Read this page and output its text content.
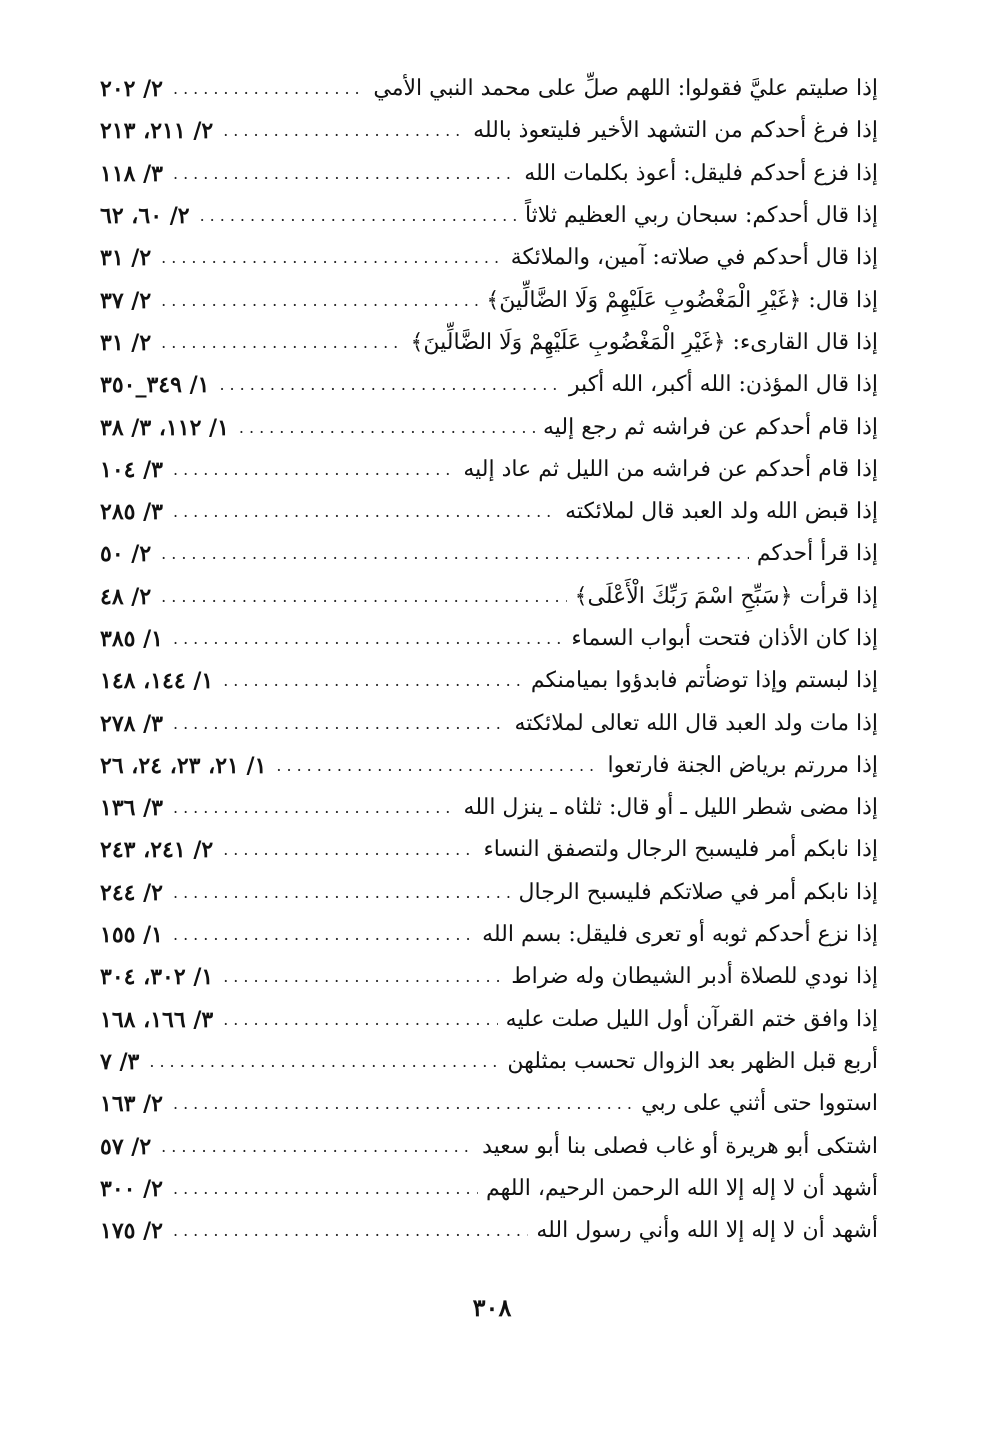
إذا صليتم عليَّ فقولوا: اللهم صلِّ على محمد النبي الأمي
.....
٢/ ٢٠٢
إذا فرغ أحدكم من التشهد الأخير فليتعوذ بالله
.....
٢/ ٢١١، ٢١٣
إذا فزع أحدكم فليقل: أعوذ بكلمات الله
.....
٣/ ١١٨
إذا قال أحدكم: سبحان ربي العظيم ثلاثاً
.....
٢/ ٦٠، ٦٢
إذا قال أحدكم في صلاته: آمين، والملائكة
.....
٢/ ٣١
إذا قال: ﴿غَيْرِ الْمَغْضُوبِ عَلَيْهِمْ وَلَا الضَّالِّينَ﴾
.....
٢/ ٣٧
إذا قال القارىء: ﴿غَيْرِ الْمَغْضُوبِ عَلَيْهِمْ وَلَا الضَّالِّينَ﴾
.....
٢/ ٣١
إذا قال المؤذن: الله أكبر، الله أكبر
.....
١/ ٣٤٩_٣٥٠
إذا قام أحدكم عن فراشه ثم رجع إليه
.....
١/ ١١٢، ٣/ ٣٨
إذا قام أحدكم عن فراشه من الليل ثم عاد إليه
.....
٣/ ١٠٤
إذا قبض الله ولد العبد قال لملائكته
.....
٣/ ٢٨٥
إذا قرأ أحدكم
.....
٢/ ٥٠
إذا قرأت ﴿سَبِّحِ اسْمَ رَبِّكَ الْأَعْلَى﴾
.....
٢/ ٤٨
إذا كان الأذان فتحت أبواب السماء
.....
١/ ٣٨٥
إذا لبستم وإذا توضأتم فابدؤوا بميامنكم
.....
١/ ١٤٤، ١٤٨
إذا مات ولد العبد قال الله تعالى لملائكته
.....
٣/ ٢٧٨
إذا مررتم برياض الجنة فارتعوا
.....
١/ ٢١، ٢٣، ٢٤، ٢٦
إذا مضى شطر الليل ـ أو قال: ثلثاه ـ ينزل الله
.....
٣/ ١٣٦
إذا نابكم أمر فليسبح الرجال ولتصفق النساء
.....
٢/ ٢٤١، ٢٤٣
إذا نابكم أمر في صلاتكم فليسبح الرجال
.....
٢/ ٢٤٤
إذا نزع أحدكم ثوبه أو تعرى فليقل: بسم الله
.....
١/ ١٥٥
إذا نودي للصلاة أدبر الشيطان وله ضراط
.....
١/ ٣٠٢، ٣٠٤
إذا وافق ختم القرآن أول الليل صلت عليه
.....
٣/ ١٦٦، ١٦٨
أربع قبل الظهر بعد الزوال تحسب بمثلهن
.....
٣/ ٧
استووا حتى أثني على ربي
.....
٢/ ١٦٣
اشتكى أبو هريرة أو غاب فصلى بنا أبو سعيد
.....
٢/ ٥٧
أشهد أن لا إله إلا الله الرحمن الرحيم، اللهم
.....
٢/ ٣٠٠
أشهد أن لا إله إلا الله وأني رسول الله
.....
٢/ ١٧٥
٣٠٨
